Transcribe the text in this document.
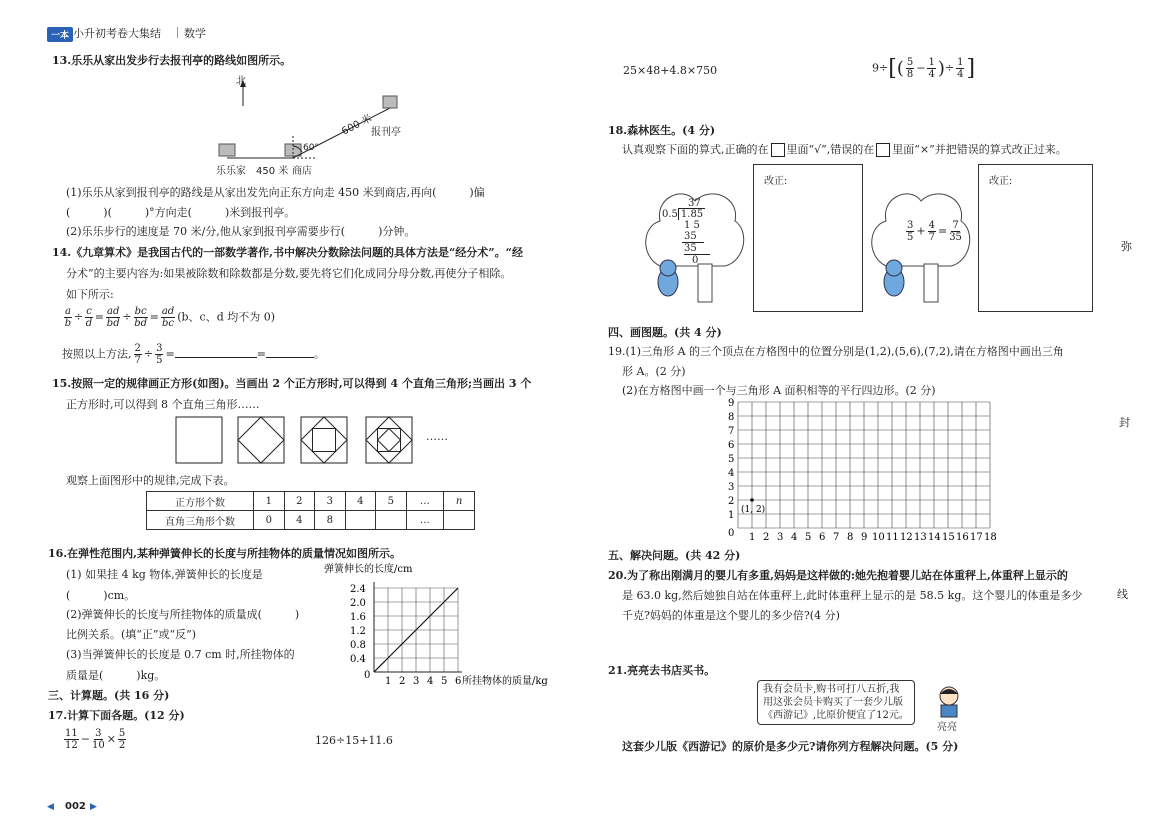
一本 小升初考卷大集结 数学
13.乐乐从家出发步行去报刊亭的路线如图所示。
北
乐乐家 450 米 商店
60°
600 米
报刊亭
(1)乐乐从家到报刊亭的路线是从家出发先向正东方向走 450 米到商店,再向(　　　)偏
(　　　)(　　　)°方向走(　　　)米到报刊亭。
(2)乐乐步行的速度是 70 米/分,他从家到报刊亭需要步行(　　　)分钟。
14.《九章算术》是我国古代的一部数学著作,书中解决分数除法问题的具体方法是“经分术”。“经
分术”的主要内容为:如果被除数和除数都是分数,要先将它们化成同分母分数,再使分子相除。
如下所示:
$\frac{a}{b} \div \frac{c}{d} = \frac{ad}{bd} \div \frac{bc}{bd} = \frac{ad}{bc} (b$、c、d 均不为 0)
按照以上方法, $\frac{2}{7} \div \frac{3}{5}$ =	=	。
15.按照一定的规律画正方形(如图)。当画出 2 个正方形时,可以得到 4 个直角三角形;当画出 3 个
正方形时,可以得到 8 个直角三角形……
……
观察上面图形中的规律,完成下表。
正方形个数	1	2	3	4	5	…	n
直角三角形个数	0	4	8			…	
16.在弹性范围内,某种弹簧伸长的长度与所挂物体的质量情况如图所示。
(1) 如果挂 4 kg 物体,弹簧伸长的长度是
(　　　)cm。
(2)弹簧伸长的长度与所挂物体的质量成(　　　)
比例关系。(填“正”或“反”)
(3)当弹簧伸长的长度是 0.7 cm 时,所挂物体的
质量是(　　　)kg。
弹簧伸长的长度/cm
1 2 3 4 5 6
0.4
0.8
1.2
1.6
2.0
2.4
0
所挂物体的质量/kg
三、计算题。(共 16 分)
17.计算下面各题。(12 分)
$\frac{11}{12} - \frac{3}{10} \times \frac{5}{2}$	126÷15+11.6
25×48+4.8×750	$9\div[( \frac{5}{8} - \frac{1}{4}$ )÷ $\frac{1}{4}$ ]
18.森林医生。(4 分)
认真观察下面的算式,正确的在 里面“√”,错误的在 ☒ 里面“×”并把错误的算式改正过来。
37
0.5 1.85
1 5
35
35
0
改正:
$\frac{3}{5} + \frac{4}{7} = \frac{7}{35}$
改正:
四、画图题。(共 4 分)
19.(1)三角形 A 的三个顶点在方格图中的位置分别是(1,2),(5,6),(7,2),请在方格图中画出三角
形 A。(2 分)
(2)在方格图中画一个与三角形 A 面积相等的平行四边形。(2 分)
1 2 3 4 5 6 7 8 9 10 11 12 13 14 15 16 17 18
1
2
3
4
5
6
7
8
9
0
(1, 2)
五、解决问题。(共 42 分)
20.为了称出刚满月的婴儿有多重,妈妈是这样做的:她先抱着婴儿站在体重秤上,体重秤上显示的
是 63.0 kg,然后她独自站在体重秤上,此时体重秤上显示的是 58.5 kg。这个婴儿的体重是多少
千克?妈妈的体重是这个婴儿的多少倍?(4 分)
21.亮亮去书店买书。
我有会员卡,购书可打八五折,我
用这张会员卡购买了一套少儿版
《西游记》,比原价便宜了12元。
亮亮
这套少儿版《西游记》的原价是多少元?请你列方程解决问题。(5 分)
弥
封
线
◀ 002 ▶
